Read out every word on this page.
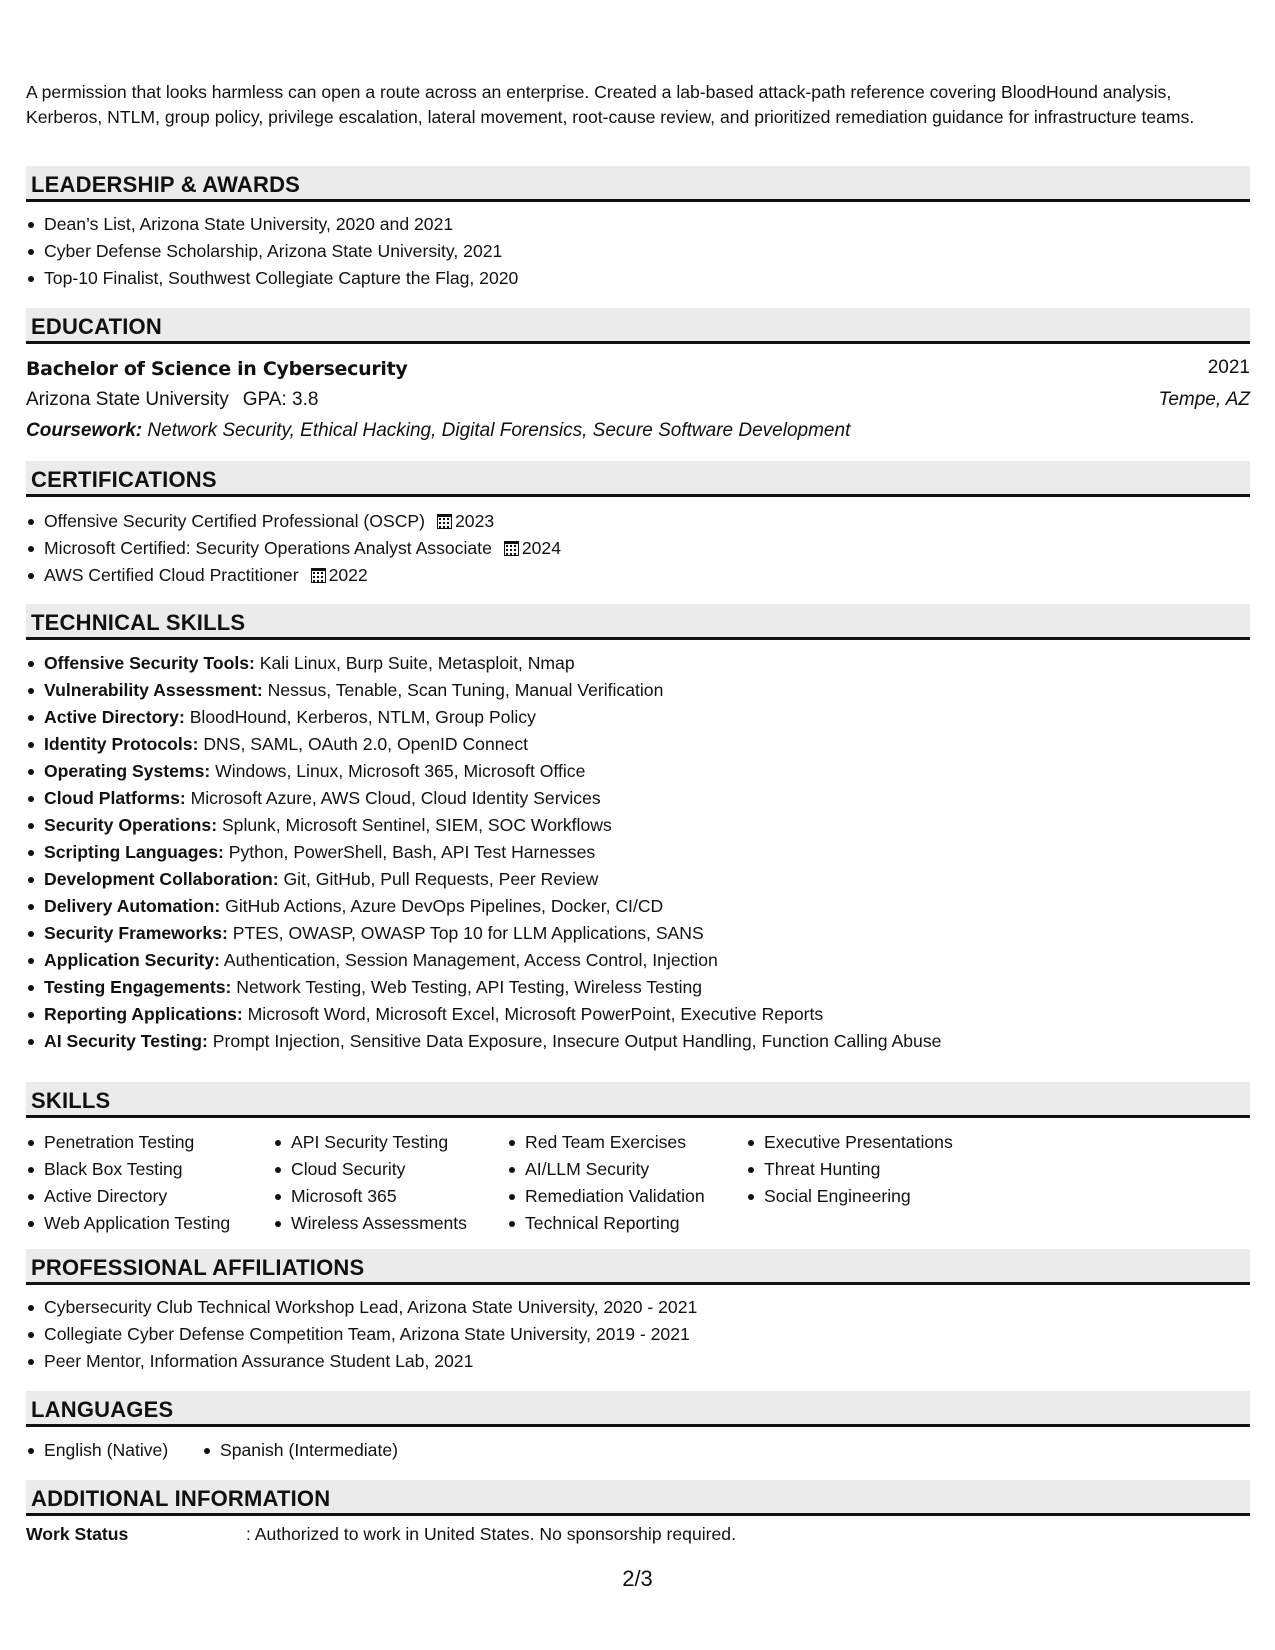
A permission that looks harmless can open a route across an enterprise. Created a lab-based attack-path reference covering BloodHound analysis, Kerberos, NTLM, group policy, privilege escalation, lateral movement, root-cause review, and prioritized remediation guidance for infrastructure teams.

LEADERSHIP & AWARDS
Dean’s List, Arizona State University, 2020 and 2021
Cyber Defense Scholarship, Arizona State University, 2021
Top-10 Finalist, Southwest Collegiate Capture the Flag, 2020
EDUCATION
Bachelor of Science in Cybersecurity	2021
Arizona State University GPA: 3.8	Tempe, AZ
Coursework: Network Security, Ethical Hacking, Digital Forensics, Secure Software Development
CERTIFICATIONS
Offensive Security Certified Professional (OSCP) 2023
Microsoft Certified: Security Operations Analyst Associate 2024
AWS Certified Cloud Practitioner 2022
TECHNICAL SKILLS
Offensive Security Tools: Kali Linux, Burp Suite, Metasploit, Nmap
Vulnerability Assessment: Nessus, Tenable, Scan Tuning, Manual Verification
Active Directory: BloodHound, Kerberos, NTLM, Group Policy
Identity Protocols: DNS, SAML, OAuth 2.0, OpenID Connect
Operating Systems: Windows, Linux, Microsoft 365, Microsoft Office
Cloud Platforms: Microsoft Azure, AWS Cloud, Cloud Identity Services
Security Operations: Splunk, Microsoft Sentinel, SIEM, SOC Workflows
Scripting Languages: Python, PowerShell, Bash, API Test Harnesses
Development Collaboration: Git, GitHub, Pull Requests, Peer Review
Delivery Automation: GitHub Actions, Azure DevOps Pipelines, Docker, CI/CD
Security Frameworks: PTES, OWASP, OWASP Top 10 for LLM Applications, SANS
Application Security: Authentication, Session Management, Access Control, Injection
Testing Engagements: Network Testing, Web Testing, API Testing, Wireless Testing
Reporting Applications: Microsoft Word, Microsoft Excel, Microsoft PowerPoint, Executive Reports
AI Security Testing: Prompt Injection, Sensitive Data Exposure, Insecure Output Handling, Function Calling Abuse
SKILLS
Penetration Testing
Black Box Testing
Active Directory
Web Application Testing
API Security Testing
Cloud Security
Microsoft 365
Wireless Assessments
Red Team Exercises
AI/LLM Security
Remediation Validation
Technical Reporting
Executive Presentations
Threat Hunting
Social Engineering
PROFESSIONAL AFFILIATIONS
Cybersecurity Club Technical Workshop Lead, Arizona State University, 2020 - 2021
Collegiate Cyber Defense Competition Team, Arizona State University, 2019 - 2021
Peer Mentor, Information Assurance Student Lab, 2021
LANGUAGES
English (Native)	Spanish (Intermediate)
ADDITIONAL INFORMATION
Work Status	: Authorized to work in United States. No sponsorship required.
2/3
